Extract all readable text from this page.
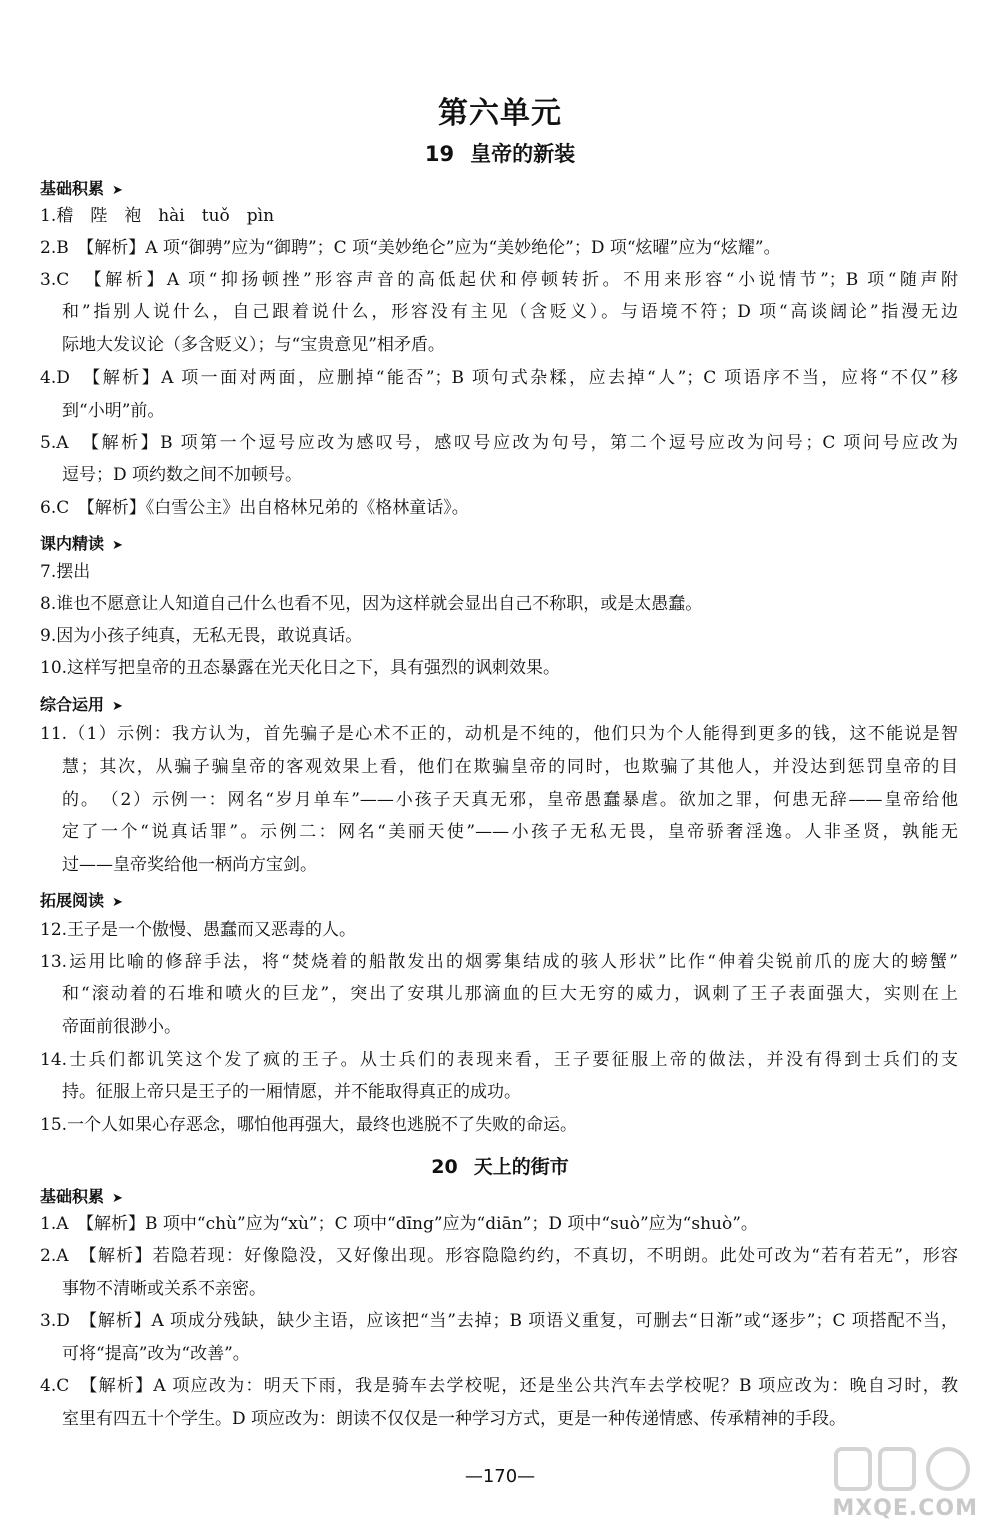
第六单元
19 皇帝的新装
基础积累 ➤
1.稽　陛　袍　hài　tuǒ　pìn
2.B　【解析】A 项“御骋”应为“御聘”；C 项“美妙绝仑”应为“美妙绝伦”；D 项“炫曜”应为“炫耀”。
3.C　【解析】A 项“抑扬顿挫”形容声音的高低起伏和停顿转折。不用来形容“小说情节”；B 项“随声附
和”指别人说什么，自己跟着说什么，形容没有主见（含贬义）。与语境不符；D 项“高谈阔论”指漫无边
际地大发议论（多含贬义）；与“宝贵意见”相矛盾。
4.D　【解析】A 项一面对两面，应删掉“能否”；B 项句式杂糅，应去掉“人”；C 项语序不当，应将“不仅”移
到“小明”前。
5.A　【解析】B 项第一个逗号应改为感叹号，感叹号应改为句号，第二个逗号应改为问号；C 项问号应改为
逗号；D 项约数之间不加顿号。
6.C　【解析】《白雪公主》出自格林兄弟的《格林童话》。
课内精读 ➤
7.摆出
8.谁也不愿意让人知道自己什么也看不见，因为这样就会显出自己不称职，或是太愚蠢。
9.因为小孩子纯真，无私无畏，敢说真话。
10.这样写把皇帝的丑态暴露在光天化日之下，具有强烈的讽刺效果。
综合运用 ➤
11.（1）示例：我方认为，首先骗子是心术不正的，动机是不纯的，他们只为个人能得到更多的钱，这不能说是智
慧；其次，从骗子骗皇帝的客观效果上看，他们在欺骗皇帝的同时，也欺骗了其他人，并没达到惩罚皇帝的目
的。　（2）示例一：网名“岁月单车”——小孩子天真无邪，皇帝愚蠢暴虐。欲加之罪，何患无辞——皇帝给他
定了一个“说真话罪”。示例二：网名“美丽天使”——小孩子无私无畏，皇帝骄奢淫逸。人非圣贤，孰能无
过——皇帝奖给他一柄尚方宝剑。
拓展阅读 ➤
12.王子是一个傲慢、愚蠢而又恶毒的人。
13.运用比喻的修辞手法，将“焚烧着的船散发出的烟雾集结成的骇人形状”比作“伸着尖锐前爪的庞大的螃蟹”
和“滚动着的石堆和喷火的巨龙”，突出了安琪儿那滴血的巨大无穷的威力，讽刺了王子表面强大，实则在上
帝面前很渺小。
14.士兵们都讥笑这个发了疯的王子。从士兵们的表现来看，王子要征服上帝的做法，并没有得到士兵们的支
持。征服上帝只是王子的一厢情愿，并不能取得真正的成功。
15.一个人如果心存恶念，哪怕他再强大，最终也逃脱不了失败的命运。
20 天上的街市
基础积累 ➤
1.A　【解析】B 项中“chù”应为“xù”；C 项中“dīng”应为“diān”；D 项中“suò”应为“shuò”。
2.A　【解析】若隐若现：好像隐没，又好像出现。形容隐隐约约，不真切，不明朗。此处可改为“若有若无”，形容
事物不清晰或关系不亲密。
3.D　【解析】A 项成分残缺，缺少主语，应该把“当”去掉；B 项语义重复，可删去“日渐”或“逐步”；C 项搭配不当，
可将“提高”改为“改善”。
4.C　【解析】A 项应改为：明天下雨，我是骑车去学校呢，还是坐公共汽车去学校呢？B 项应改为：晚自习时，教
室里有四五十个学生。D 项应改为：朗读不仅仅是一种学习方式，更是一种传递情感、传承精神的手段。
—170—
MXQE.COM
